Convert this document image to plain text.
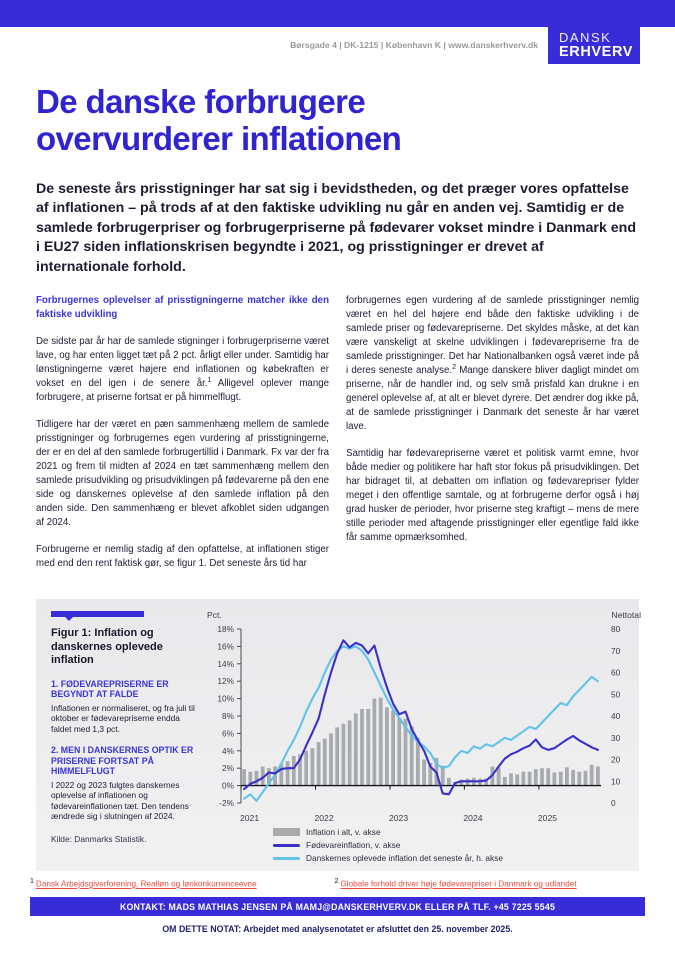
Børsgade 4 | DK-1215 | København K | www.danskerhverv.dk DANSK
ERHVERV
De danske forbrugere
overvurderer inflationen
De seneste års prisstigninger har sat sig i bevidstheden, og det præger vores opfattelse af inflationen – på trods af at den faktiske udvikling nu går en anden vej. Samtidig er de samlede forbrugerpriser og forbrugerpriserne på fødevarer vokset mindre i Danmark end i EU27 siden inflationskrisen begyndte i 2021, og prisstigninger er drevet af internationale forhold.

Forbrugernes oplevelser af prisstigningerne matcher ikke den faktiske udvikling

De sidste par år har de samlede stigninger i forbrugerpriserne været lave, og har enten ligget tæt på 2 pct. årligt eller under. Samtidig har lønstigningerne været højere end inflationen og købekraften er vokset en del igen i de senere år.$^1$ Alligevel oplever mange forbrugere, at priserne fortsat er på himmelflugt.

Tidligere har der været en pæn sammenhæng mellem de samlede prisstigninger og forbrugernes egen vurdering af prisstigningerne, der er en del af den samlede forbrugertillid i Danmark. Fx var der fra 2021 og frem til midten af 2024 en tæt sammenhæng mellem den samlede prisudvikling og prisudviklingen på fødevarerne på den ene side og danskernes oplevelse af den samlede inflation på den anden side. Den sammenhæng er blevet afkoblet siden udgangen af 2024.

Forbrugerne er nemlig stadig af den opfattelse, at inflationen stiger med end den rent faktisk gør, se figur 1. Det seneste års tid har

forbrugernes egen vurdering af de samlede prisstigninger nemlig været en hel del højere end både den faktiske udvikling i de samlede priser og fødevarepriserne. Det skyldes måske, at det kan være vanskeligt at skelne udviklingen i fødevarepriserne fra de samlede prisstigninger. Det har Nationalbanken også været inde på i deres seneste analyse.$^2$ Mange danskere bliver dagligt mindet om priserne, når de handler ind, og selv små prisfald kan drukne i en generel oplevelse af, at alt er blevet dyrere. Det ændrer dog ikke på, at de samlede prisstigninger i Danmark det seneste år har været lave.

Samtidig har fødevarepriserne været et politisk varmt emne, hvor både medier og politikere har haft stor fokus på prisudviklingen. Det har bidraget til, at debatten om inflation og fødevarepriser fylder meget i den offentlige samtale, og at forbrugerne derfor også i høj grad husker de perioder, hvor priserne steg kraftigt – mens de mere stille perioder med aftagende prisstigninger eller egentlige fald ikke får samme opmærksomhed.

Figur 1: Inflation og danskernes oplevede inflation
1. FØDEVAREPRISERNE ER BEGYNDT AT FALDE
Inflationen er normaliseret, og fra juli til oktober er fødevarepriserne endda faldet med 1,3 pct.
2. MEN I DANSKERNES OPTIK ER PRISERNE FORTSAT PÅ HIMMELFLUGT
I 2022 og 2023 fulgtes danskernes oplevelse af inflationen og fødevareinflationen tæt. Den tendens ændrede sig i slutningen af 2024.
Kilde: Danmarks Statistik.
Pct.	Nettotal
18%
16%
14%
12%
10%
8%
6%
4%
2%
0%
-2%
80
70
60
50
40
30
20
10
0
2021	2022	2023	2024	2025
Inflation i alt, v. akse
Fødevareinflation, v. akse
Danskernes oplevede inflation det seneste år, h. akse
1 Dansk Arbejdsgiverforening, Realløn og lønkonkurrenceevne	2 Globale forhold driver høje fødevarepriser i Danmark og udlandet
KONTAKT: MADS MATHIAS JENSEN PÅ MAMJ@DANSKERHVERV.DK ELLER PÅ TLF. +45 7225 5545
OM DETTE NOTAT: Arbejdet med analysenotatet er afsluttet den 25. november 2025.
